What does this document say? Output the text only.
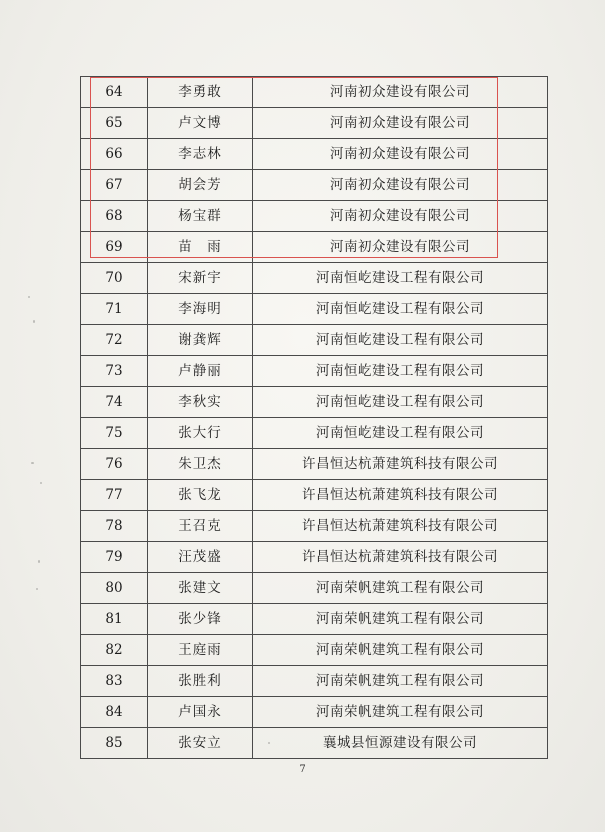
64	李勇敢	河南初众建设有限公司
65	卢文博	河南初众建设有限公司
66	李志林	河南初众建设有限公司
67	胡会芳	河南初众建设有限公司
68	杨宝群	河南初众建设有限公司
69	苗　雨	河南初众建设有限公司
70	宋新宇	河南恒屹建设工程有限公司
71	李海明	河南恒屹建设工程有限公司
72	谢龚辉	河南恒屹建设工程有限公司
73	卢静丽	河南恒屹建设工程有限公司
74	李秋实	河南恒屹建设工程有限公司
75	张大行	河南恒屹建设工程有限公司
76	朱卫杰	许昌恒达杭萧建筑科技有限公司
77	张飞龙	许昌恒达杭萧建筑科技有限公司
78	王召克	许昌恒达杭萧建筑科技有限公司
79	汪茂盛	许昌恒达杭萧建筑科技有限公司
80	张建文	河南荣帆建筑工程有限公司
81	张少锋	河南荣帆建筑工程有限公司
82	王庭雨	河南荣帆建筑工程有限公司
83	张胜利	河南荣帆建筑工程有限公司
84	卢国永	河南荣帆建筑工程有限公司
85	张安立	襄城县恒源建设有限公司
7
